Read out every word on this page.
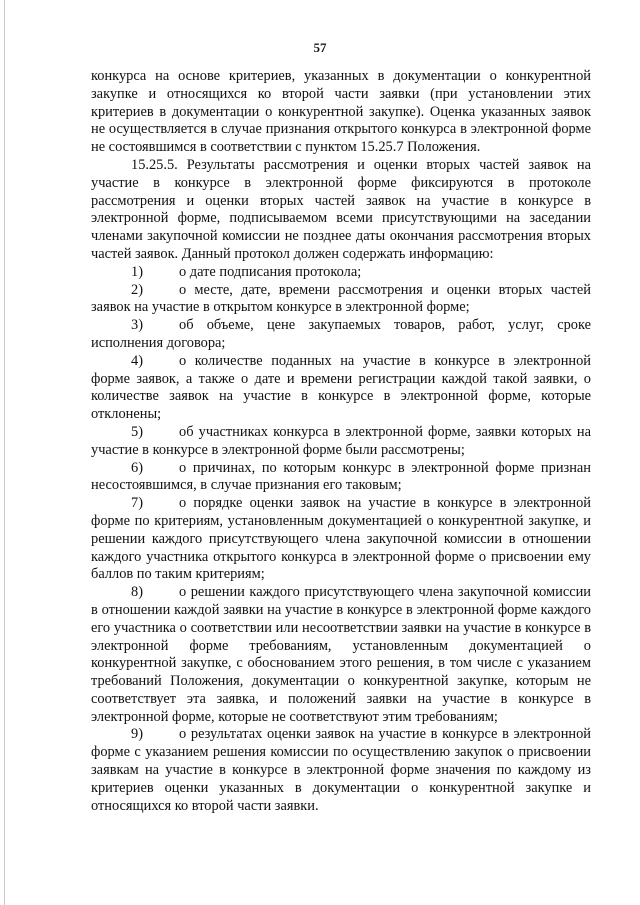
57

конкурса на основе критериев, указанных в документации о конкурентной закупке и относящихся ко второй части заявки (при установлении этих критериев в документации о конкурентной закупке). Оценка указанных заявок не осуществляется в случае признания открытого конкурса в электронной форме не состоявшимся в соответствии с пунктом 15.25.7 Положения.

15.25.5. Результаты рассмотрения и оценки вторых частей заявок на участие в конкурсе в электронной форме фиксируются в протоколе рассмотрения и оценки вторых частей заявок на участие в конкурсе в электронной форме, подписываемом всеми присутствующими на заседании членами закупочной комиссии не позднее даты окончания рассмотрения вторых частей заявок. Данный протокол должен содержать информацию:

1)	о дате подписания протокола;

2)	о месте, дате, времени рассмотрения и оценки вторых частей заявок на участие в открытом конкурсе в электронной форме;

3)	об объеме, цене закупаемых товаров, работ, услуг, сроке исполнения договора;

4)	о количестве поданных на участие в конкурсе в электронной форме заявок, а также о дате и времени регистрации каждой такой заявки, о количестве заявок на участие в конкурсе в электронной форме, которые отклонены;

5)	об участниках конкурса в электронной форме, заявки которых на участие в конкурсе в электронной форме были рассмотрены;

6)	о причинах, по которым конкурс в электронной форме признан несостоявшимся, в случае признания его таковым;

7)	о порядке оценки заявок на участие в конкурсе в электронной форме по критериям, установленным документацией о конкурентной закупке, и решении каждого присутствующего члена закупочной комиссии в отношении каждого участника открытого конкурса в электронной форме о присвоении ему баллов по таким критериям;

8)	о решении каждого присутствующего члена закупочной комиссии в отношении каждой заявки на участие в конкурсе в электронной форме каждого его участника о соответствии или несоответствии заявки на участие в конкурсе в электронной форме требованиям, установленным документацией о конкурентной закупке, с обоснованием этого решения, в том числе с указанием требований Положения, документации о конкурентной закупке, которым не соответствует эта заявка, и положений заявки на участие в конкурсе в электронной форме, которые не соответствуют этим требованиям;

9)	о результатах оценки заявок на участие в конкурсе в электронной форме с указанием решения комиссии по осуществлению закупок о присвоении заявкам на участие в конкурсе в электронной форме значения по каждому из критериев оценки указанных в документации о конкурентной закупке и относящихся ко второй части заявки.
